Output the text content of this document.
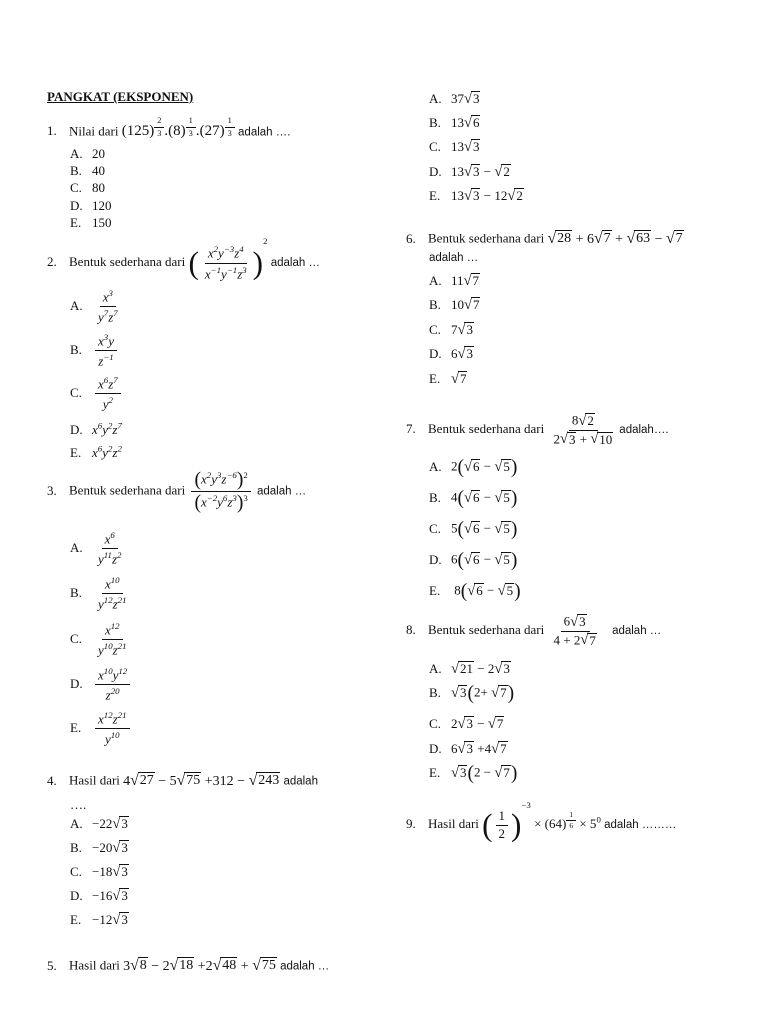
PANGKAT (EKSPONEN)
1. Nilai dari (125) $^{\frac{2}{3}}$ .(8) $^{\frac{1}{3}}$ .(27) $^{\frac{1}{3}}$ adalah ….
A. 20
B. 40
C. 80
D. 120
E. 150
2. Bentuk sederhana dari ( $\frac{x^2y^{-3}z^4}{x^{-1}y^{-1}z^3} )^2$ adalah …
A. $\frac{x^3}{y^7z^7}$
B. $\frac{x^3y}{z^{-1}}$
C. $\frac{x^6z^7}{y^2}$
D. $x^6y^2z^7$
E. $x^6y^2z^2$
3. Bentuk sederhana dari $\frac{(x^2y^3z^{-6})^2}{(x^{-2}y^6z^3)^3}$ adalah …
A. $\frac{x^6}{y^{11}z^2}$
B. $\frac{x^{10}}{y^{12}z^{21}}$
C. $\frac{x^{12}}{y^{10}z^{21}}$
D. $\frac{x^{10}y^{12}}{z^{20}}$
E. $\frac{x^{12}z^{21}}{y^{10}}$
4. Hasil dari 4 √ 27 − 5 √ 75 +312 − √ 243 adalah
….
A. −22 √ 3
B. −20 √ 3
C. −18 √ 3
D. −16 √ 3
E. −12 √ 3
5. Hasil dari 3 √ 8 − 2 √ 18 +2 √ 48 + √ 75 adalah …
A. 37 √ 3
B. 13 √ 6
C. 13 √ 3
D. 13 √ 3 − √ 2
E. 13 √ 3 − 12 √ 2
6. Bentuk sederhana dari √ 28 + 6 √ 7 + √ 63 − √ 7
adalah …
A. 11 √ 7
B. 10 √ 7
C. 7 √ 3
D. 6 √ 3
E. √ 7
7. Bentuk sederhana dari $\frac{8 √ 2}{2 √ 3 + √ 10}$ adalah….
A. 2( √ 6 − √ 5 )
B. 4( √ 6 − √ 5 )
C. 5( √ 6 − √ 5 )
D. 6( √ 6 − √ 5 )
E. 8( √ 6 − √ 5 )
8. Bentuk sederhana dari $\frac{6 √ 3}{4 + 2 √ 7}$ adalah …
A. √ 21 − 2 √ 3
B. √ 3 (2+ √ 7 )
C. 2 √ 3 − √ 7
D. 6 √ 3 +4 √ 7
E. √ 3 (2 − √ 7 )
9. Hasil dari ( $\frac{1}{2} )^{-3} \times (64)$ $^{\frac{1}{6}} \times 5^0$ adalah ………
